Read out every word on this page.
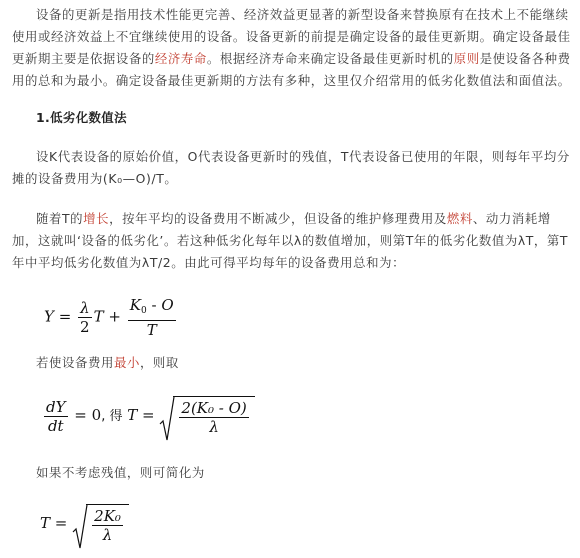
设备的更新是指用技术性能更完善、经济效益更显著的新型设备来替换原有在技术上不能继续使用或经济效益上不宜继续使用的设备。设备更新的前提是确定设备的最佳更新期。确定设备最佳更新期主要是依据设备的经济寿命。根据经济寿命来确定设备最佳更新时机的原则是使设备各种费用的总和为最小。确定设备最佳更新期的方法有多种，这里仅介绍常用的低劣化数值法和面值法。
1.低劣化数值法
设K代表设备的原始价值，O代表设备更新时的残值，T代表设备已使用的年限，则每年平均分摊的设备费用为(K₀—O)/T。
随着T的增长，按年平均的设备费用不断减少，但设备的维护修理费用及燃料、动力消耗增加，这就叫‘设备的低劣化’。若这种低劣化每年以λ的数值增加，则第T年的低劣化数值为λT，第T年中平均低劣化数值为λT/2。由此可得平均每年的设备费用总和为：
$Y = \frac{\lambda}{2}$ $T + \frac{K_0 - O}{T}$
若使设备费用最小，则取
$\frac{dY}{dt} = 0$, 得 $T = \frac{\text{2(K₀ - O)}}{\lambda}$
如果不考虑残值，则可简化为
$T = \frac{\text{2K₀}}{\lambda}$
